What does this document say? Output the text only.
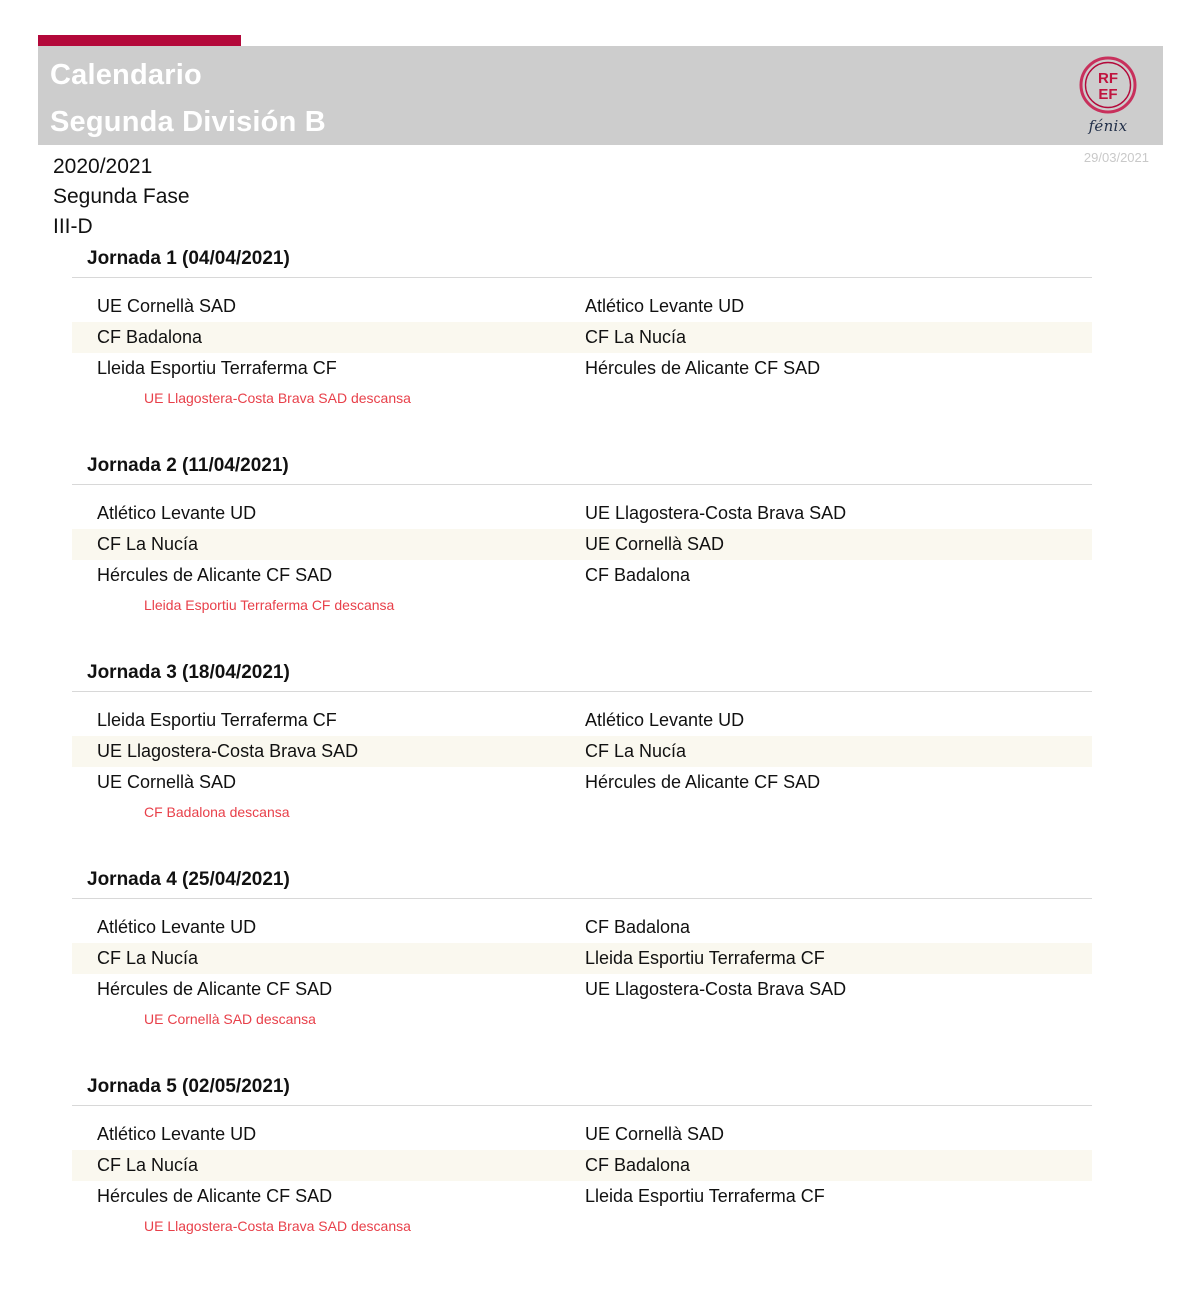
Calendario
Segunda División B
RF
EF
fénix
29/03/2021
2020/2021
Segunda Fase
III-D
Jornada 1 (04/04/2021)
UE Cornellà SAD	Atlético Levante UD
CF Badalona	CF La Nucía
Lleida Esportiu Terraferma CF	Hércules de Alicante CF SAD
UE Llagostera-Costa Brava SAD descansa
Jornada 2 (11/04/2021)
Atlético Levante UD	UE Llagostera-Costa Brava SAD
CF La Nucía	UE Cornellà SAD
Hércules de Alicante CF SAD	CF Badalona
Lleida Esportiu Terraferma CF descansa
Jornada 3 (18/04/2021)
Lleida Esportiu Terraferma CF	Atlético Levante UD
UE Llagostera-Costa Brava SAD	CF La Nucía
UE Cornellà SAD	Hércules de Alicante CF SAD
CF Badalona descansa
Jornada 4 (25/04/2021)
Atlético Levante UD	CF Badalona
CF La Nucía	Lleida Esportiu Terraferma CF
Hércules de Alicante CF SAD	UE Llagostera-Costa Brava SAD
UE Cornellà SAD descansa
Jornada 5 (02/05/2021)
Atlético Levante UD	UE Cornellà SAD
CF La Nucía	CF Badalona
Hércules de Alicante CF SAD	Lleida Esportiu Terraferma CF
UE Llagostera-Costa Brava SAD descansa
